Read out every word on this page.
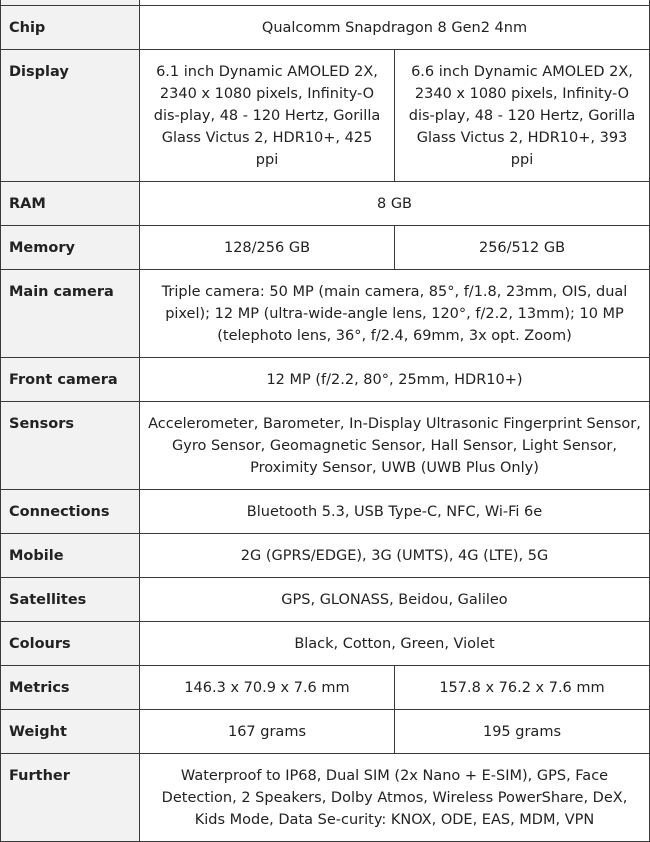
Chip	Qualcomm Snapdragon 8 Gen2 4nm	
Display	6.1 inch Dynamic AMOLED 2X, 2340 x 1080 pixels, Infinity-O dis-play, 48 - 120 Hertz, Gorilla Glass Victus 2, HDR10+, 425 ppi	6.6 inch Dynamic AMOLED 2X, 2340 x 1080 pixels, Infinity-O dis-play, 48 - 120 Hertz, Gorilla Glass Victus 2, HDR10+, 393 ppi
RAM	8 GB	
Memory	128/256 GB	256/512 GB
Main camera	Triple camera: 50 MP (main camera, 85°, f/1.8, 23mm, OIS, dual pixel); 12 MP (ultra-wide-angle lens, 120°, f/2.2, 13mm); 10 MP (telephoto lens, 36°, f/2.4, 69mm, 3x opt. Zoom)	
Front camera	12 MP (f/2.2, 80°, 25mm, HDR10+)	
Sensors	Accelerometer, Barometer, In-Display Ultrasonic Fingerprint Sensor, Gyro Sensor, Geomagnetic Sensor, Hall Sensor, Light Sensor, Proximity Sensor, UWB (UWB Plus Only)	
Connections	Bluetooth 5.3, USB Type-C, NFC, Wi-Fi 6e	
Mobile	2G (GPRS/EDGE), 3G (UMTS), 4G (LTE), 5G	
Satellites	GPS, GLONASS, Beidou, Galileo	
Colours	Black, Cotton, Green, Violet	
Metrics	146.3 x 70.9 x 7.6 mm	157.8 x 76.2 x 7.6 mm
Weight	167 grams	195 grams
Further	Waterproof to IP68, Dual SIM (2x Nano + E-SIM), GPS, Face Detection, 2 Speakers, Dolby Atmos, Wireless PowerShare, DeX, Kids Mode, Data Se-curity: KNOX, ODE, EAS, MDM, VPN	
